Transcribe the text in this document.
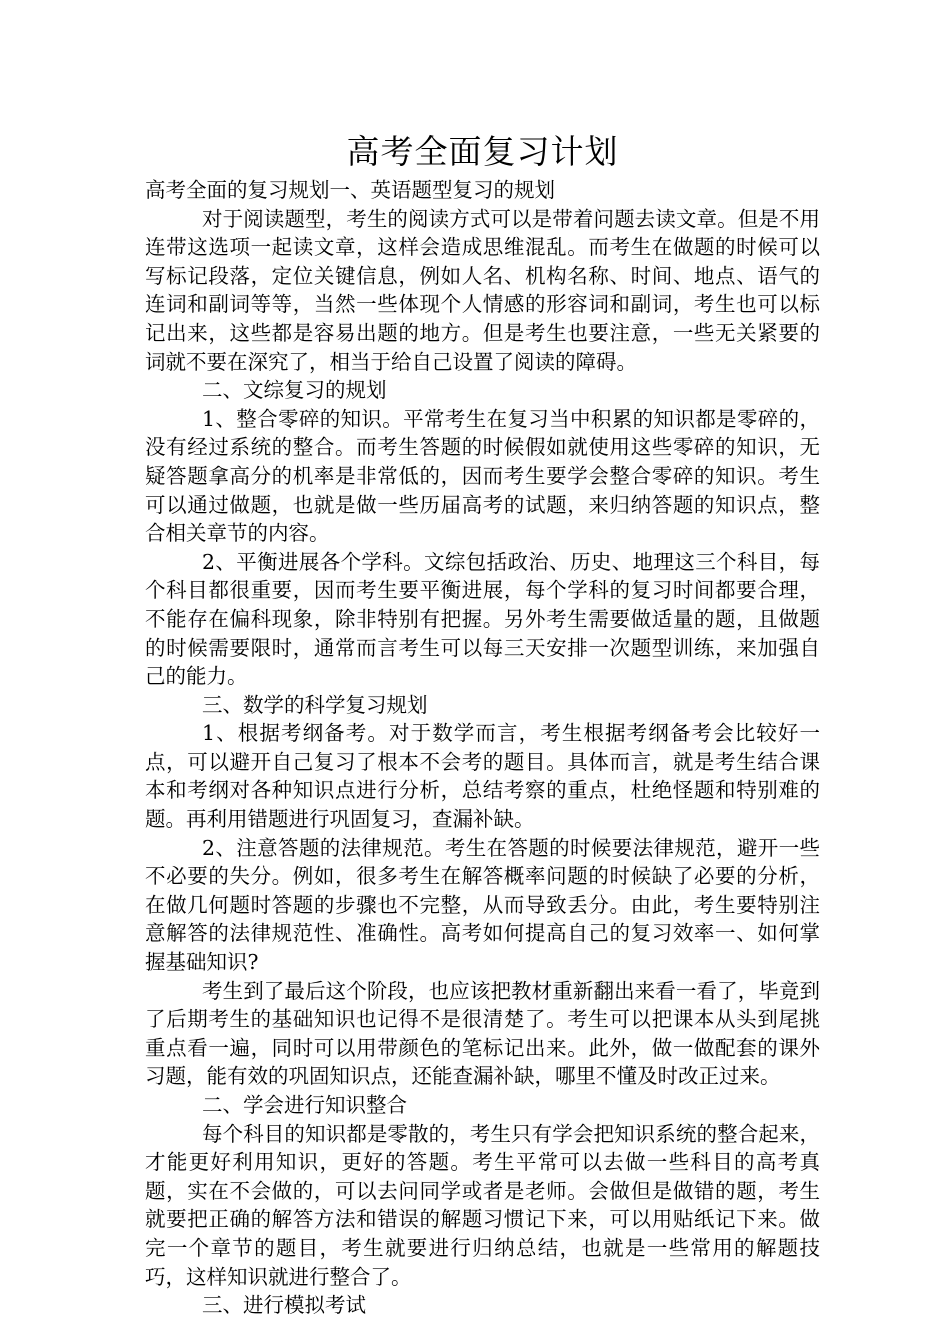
高考全面复习计划

高考全面的复习规划一、英语题型复习的规划

对于阅读题型，考生的阅读方式可以是带着问题去读文章。但是不用连带这选项一起读文章，这样会造成思维混乱。而考生在做题的时候可以写标记段落，定位关键信息，例如人名、机构名称、时间、地点、语气的连词和副词等等，当然一些体现个人情感的形容词和副词，考生也可以标记出来，这些都是容易出题的地方。但是考生也要注意，一些无关紧要的词就不要在深究了，相当于给自己设置了阅读的障碍。

二、文综复习的规划

1、整合零碎的知识。平常考生在复习当中积累的知识都是零碎的，没有经过系统的整合。而考生答题的时候假如就使用这些零碎的知识，无疑答题拿高分的机率是非常低的，因而考生要学会整合零碎的知识。考生可以通过做题，也就是做一些历届高考的试题，来归纳答题的知识点，整合相关章节的内容。

2、平衡进展各个学科。文综包括政治、历史、地理这三个科目，每个科目都很重要，因而考生要平衡进展，每个学科的复习时间都要合理，不能存在偏科现象，除非特别有把握。另外考生需要做适量的题，且做题的时候需要限时，通常而言考生可以每三天安排一次题型训练，来加强自己的能力。

三、数学的科学复习规划

1、根据考纲备考。对于数学而言，考生根据考纲备考会比较好一点，可以避开自己复习了根本不会考的题目。具体而言，就是考生结合课本和考纲对各种知识点进行分析，总结考察的重点，杜绝怪题和特别难的题。再利用错题进行巩固复习，查漏补缺。

2、注意答题的法律规范。考生在答题的时候要法律规范，避开一些不必要的失分。例如，很多考生在解答概率问题的时候缺了必要的分析，在做几何题时答题的步骤也不完整，从而导致丢分。由此，考生要特别注意解答的法律规范性、准确性。高考如何提高自己的复习效率一、如何掌握基础知识?

考生到了最后这个阶段，也应该把教材重新翻出来看一看了，毕竟到了后期考生的基础知识也记得不是很清楚了。考生可以把课本从头到尾挑重点看一遍，同时可以用带颜色的笔标记出来。此外，做一做配套的课外习题，能有效的巩固知识点，还能查漏补缺，哪里不懂及时改正过来。

二、学会进行知识整合

每个科目的知识都是零散的，考生只有学会把知识系统的整合起来，才能更好利用知识，更好的答题。考生平常可以去做一些科目的高考真题，实在不会做的，可以去问同学或者是老师。会做但是做错的题，考生就要把正确的解答方法和错误的解题习惯记下来，可以用贴纸记下来。做完一个章节的题目，考生就要进行归纳总结，也就是一些常用的解题技巧，这样知识就进行整合了。

三、进行模拟考试
